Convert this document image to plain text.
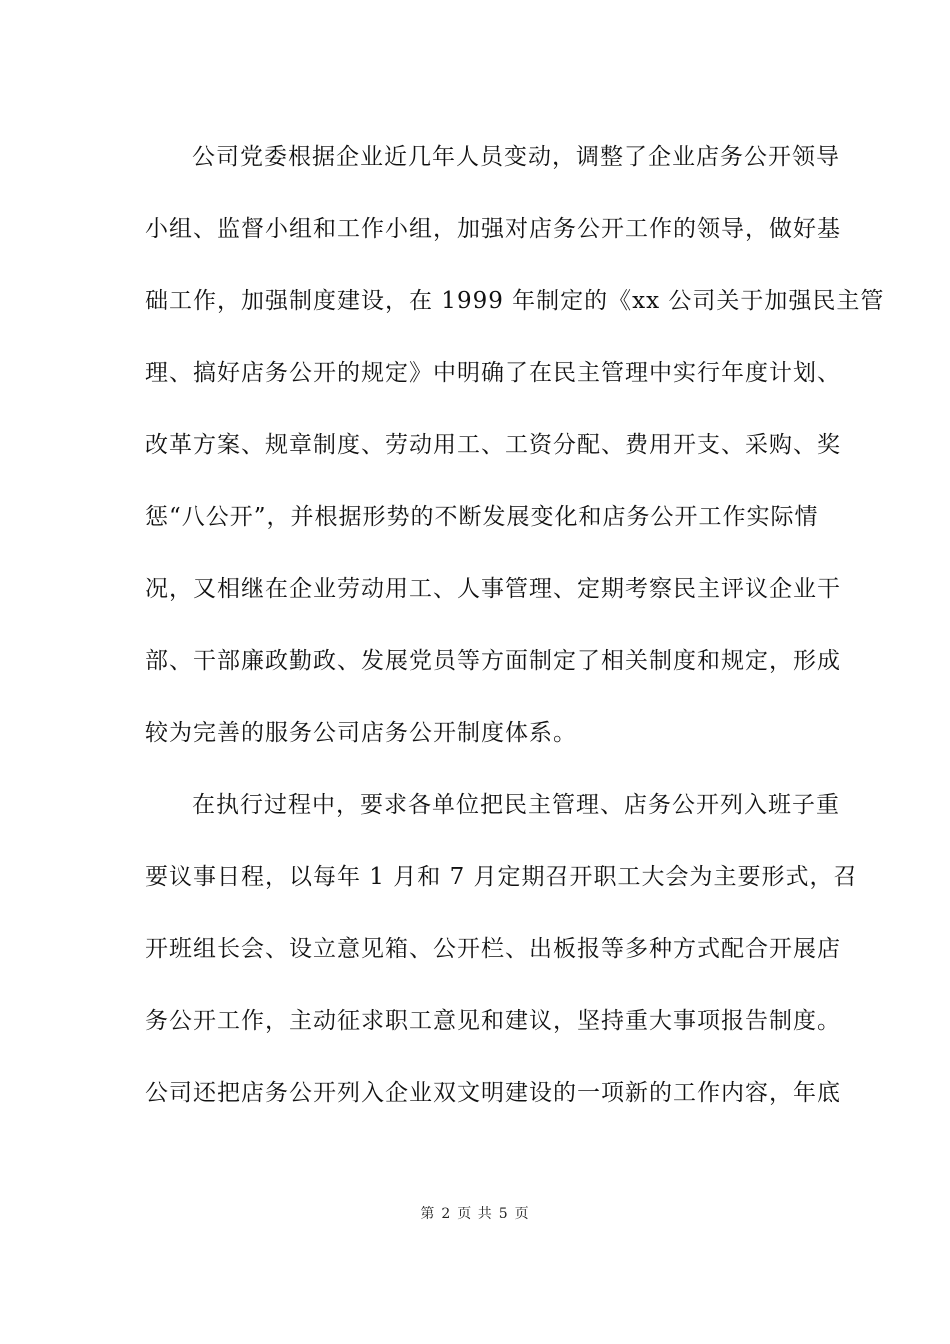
公司党委根据企业近几年人员变动，调整了企业店务公开领导
小组、监督小组和工作小组，加强对店务公开工作的领导，做好基
础工作，加强制度建设，在 1999 年制定的《xx 公司关于加强民主管
理、搞好店务公开的规定》中明确了在民主管理中实行年度计划、
改革方案、规章制度、劳动用工、工资分配、费用开支、采购、奖
惩“八公开”，并根据形势的不断发展变化和店务公开工作实际情
况，又相继在企业劳动用工、人事管理、定期考察民主评议企业干
部、干部廉政勤政、发展党员等方面制定了相关制度和规定，形成
较为完善的服务公司店务公开制度体系。
在执行过程中，要求各单位把民主管理、店务公开列入班子重
要议事日程，以每年 1 月和 7 月定期召开职工大会为主要形式，召
开班组长会、设立意见箱、公开栏、出板报等多种方式配合开展店
务公开工作，主动征求职工意见和建议，坚持重大事项报告制度。
公司还把店务公开列入企业双文明建设的一项新的工作内容，年底
第 2 页 共 5 页
